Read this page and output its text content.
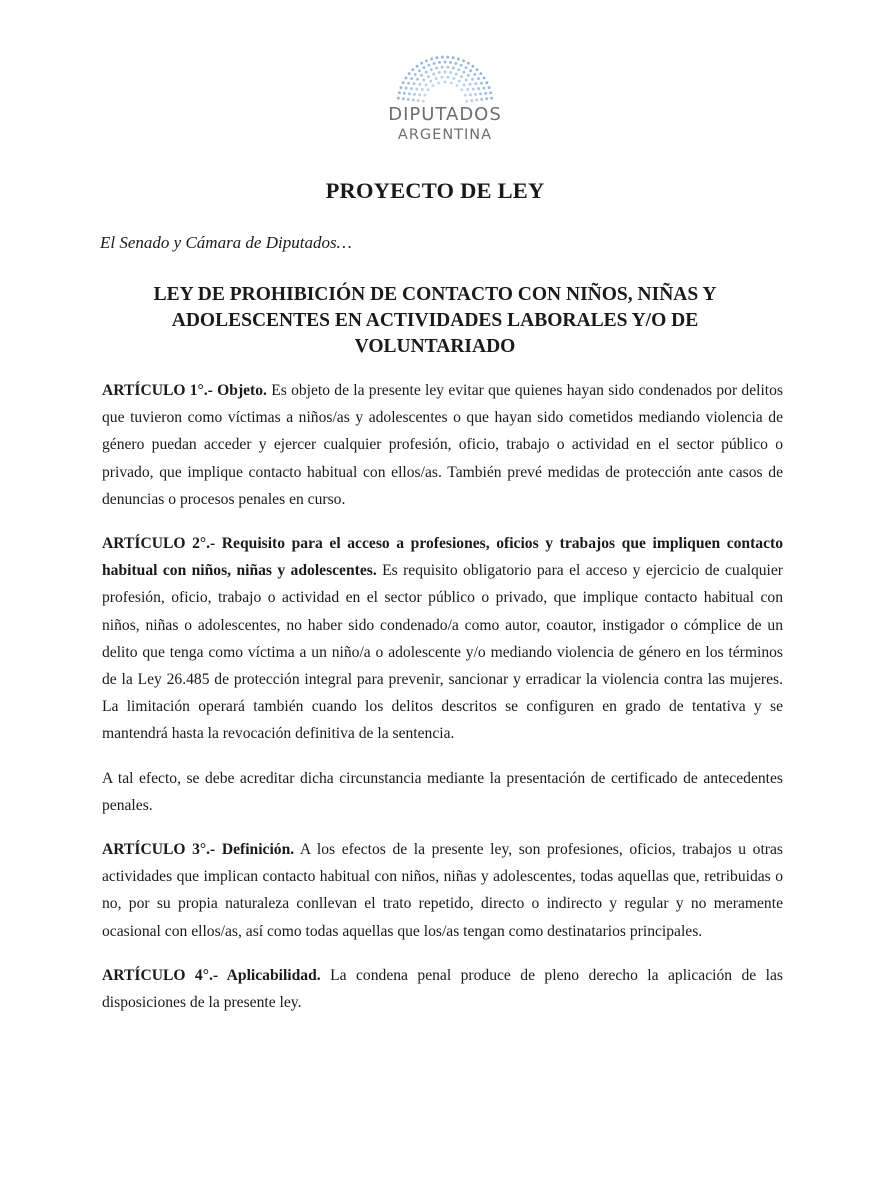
DIPUTADOS
ARGENTINA
PROYECTO DE LEY
El Senado y Cámara de Diputados…
LEY DE PROHIBICIÓN DE CONTACTO CON NIÑOS, NIÑAS Y ADOLESCENTES EN ACTIVIDADES LABORALES Y/O DE VOLUNTARIADO

ARTÍCULO 1°.- Objeto. Es objeto de la presente ley evitar que quienes hayan sido condenados por delitos que tuvieron como víctimas a niños/as y adolescentes o que hayan sido cometidos mediando violencia de género puedan acceder y ejercer cualquier profesión, oficio, trabajo o actividad en el sector público o privado, que implique contacto habitual con ellos/as. También prevé medidas de protección ante casos de denuncias o procesos penales en curso.

ARTÍCULO 2°.- Requisito para el acceso a profesiones, oficios y trabajos que impliquen contacto habitual con niños, niñas y adolescentes. Es requisito obligatorio para el acceso y ejercicio de cualquier profesión, oficio, trabajo o actividad en el sector público o privado, que implique contacto habitual con niños, niñas o adolescentes, no haber sido condenado/a como autor, coautor, instigador o cómplice de un delito que tenga como víctima a un niño/a o adolescente y/o mediando violencia de género en los términos de la Ley 26.485 de protección integral para prevenir, sancionar y erradicar la violencia contra las mujeres. La limitación operará también cuando los delitos descritos se configuren en grado de tentativa y se mantendrá hasta la revocación definitiva de la sentencia.

A tal efecto, se debe acreditar dicha circunstancia mediante la presentación de certificado de antecedentes penales.

ARTÍCULO 3°.- Definición. A los efectos de la presente ley, son profesiones, oficios, trabajos u otras actividades que implican contacto habitual con niños, niñas y adolescentes, todas aquellas que, retribuidas o no, por su propia naturaleza conllevan el trato repetido, directo o indirecto y regular y no meramente ocasional con ellos/as, así como todas aquellas que los/as tengan como destinatarios principales.

ARTÍCULO 4°.- Aplicabilidad. La condena penal produce de pleno derecho la aplicación de las disposiciones de la presente ley.
